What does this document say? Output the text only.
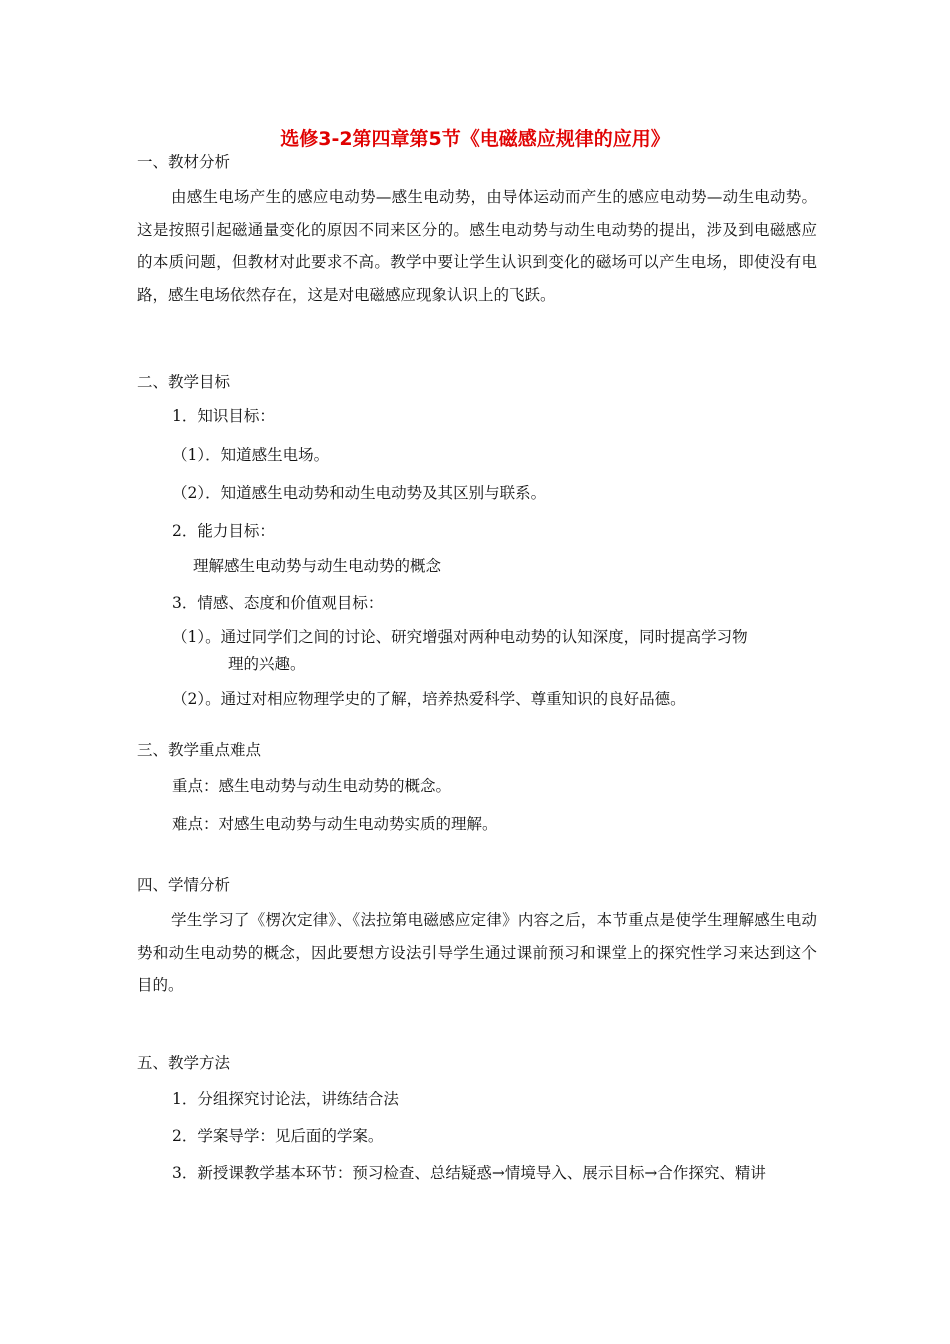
选修3-2第四章第5节《电磁感应规律的应用》
一、教材分析
由感生电场产生的感应电动势—感生电动势，由导体运动而产生的感应电动势—动生电动势。这是按照引起磁通量变化的原因不同来区分的。感生电动势与动生电动势的提出，涉及到电磁感应的本质问题，但教材对此要求不高。教学中要让学生认识到变化的磁场可以产生电场，即使没有电路，感生电场依然存在，这是对电磁感应现象认识上的飞跃。
二、教学目标
1．知识目标：
（1）．知道感生电场。
（2）．知道感生电动势和动生电动势及其区别与联系。
2．能力目标：
理解感生电动势与动生电动势的概念
3．情感、态度和价值观目标：
（1）。通过同学们之间的讨论、研究增强对两种电动势的认知深度，同时提高学习物
理的兴趣。
（2）。通过对相应物理学史的了解，培养热爱科学、尊重知识的良好品德。
三、教学重点难点
重点：感生电动势与动生电动势的概念。
难点：对感生电动势与动生电动势实质的理解。
四、学情分析
学生学习了《楞次定律》、《法拉第电磁感应定律》内容之后，本节重点是使学生理解感生电动势和动生电动势的概念，因此要想方设法引导学生通过课前预习和课堂上的探究性学习来达到这个目的。
五、教学方法
1．分组探究讨论法，讲练结合法
2．学案导学：见后面的学案。
3．新授课教学基本环节：预习检查、总结疑惑→情境导入、展示目标→合作探究、精讲
